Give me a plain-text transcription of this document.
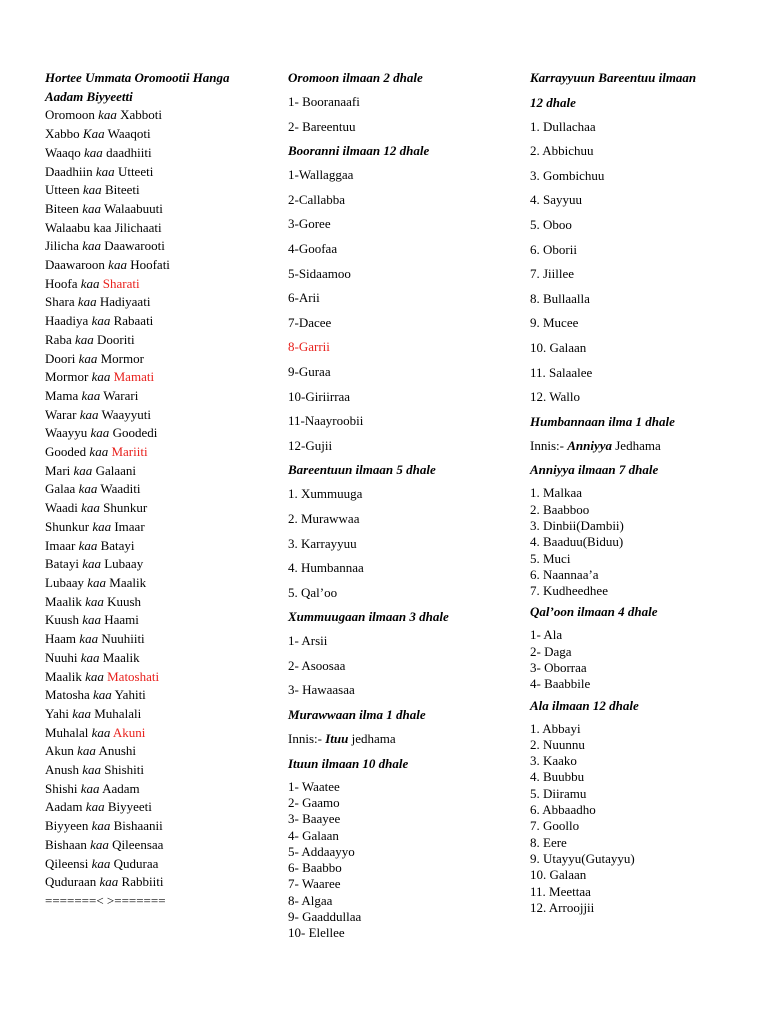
Hortee Ummata Oromootii Hanga
Aadam Biyyeetti
Oromoon kaa Xabboti
Xabbo Kaa Waaqoti
Waaqo kaa daadhiiti
Daadhiin kaa Utteeti
Utteen kaa Biteeti
Biteen kaa Walaabuuti
Walaabu kaa Jilichaati
Jilicha kaa Daawarooti
Daawaroon kaa Hoofati
Hoofa kaa Sharati
Shara kaa Hadiyaati
Haadiya kaa Rabaati
Raba kaa Dooriti
Doori kaa Mormor
Mormor kaa Mamati
Mama kaa Warari
Warar kaa Waayyuti
Waayyu kaa Goodedi
Gooded kaa Mariiti
Mari kaa Galaani
Galaa kaa Waaditi
Waadi kaa Shunkur
Shunkur kaa Imaar
Imaar kaa Batayi
Batayi kaa Lubaay
Lubaay kaa Maalik
Maalik kaa Kuush
Kuush kaa Haami
Haam kaa Nuuhiiti
Nuuhi kaa Maalik
Maalik kaa Matoshati
Matosha kaa Yahiti
Yahi kaa Muhalali
Muhalal kaa Akuni
Akun kaa Anushi
Anush kaa Shishiti
Shishi kaa Aadam
Aadam kaa Biyyeeti
Biyyeen kaa Bishaanii
Bishaan kaa Qileensaa
Qileensi kaa Quduraa
Quduraan kaa Rabbiiti
=======< >=======
Oromoon ilmaan 2 dhale
1- Booranaafi
2- Bareentuu
Booranni ilmaan 12 dhale
1-Wallaggaa
2-Callabba
3-Goree
4-Goofaa
5-Sidaamoo
6-Arii
7-Dacee
8-Garrii
9-Guraa
10-Giriirraa
11-Naayroobii
12-Gujii
Bareentuun ilmaan 5 dhale
1. Xummuuga
2. Murawwaa
3. Karrayyuu
4. Humbannaa
5. Qal’oo
Xummuugaan ilmaan 3 dhale
1- Arsii
2- Asoosaa
3- Hawaasaa
Murawwaan ilma 1 dhale
Innis:- Ituu jedhama
Ituun ilmaan 10 dhale
1- Waatee
2- Gaamo
3- Baayee
4- Galaan
5- Addaayyo
6- Baabbo
7- Waaree
8- Algaa
9- Gaaddullaa
10- Elellee
Karrayyuun Bareentuu ilmaan
12 dhale
1. Dullachaa
2. Abbichuu
3. Gombichuu
4. Sayyuu
5. Oboo
6. Oborii
7. Jiillee
8. Bullaalla
9. Mucee
10. Galaan
11. Salaalee
12. Wallo
Humbannaan ilma 1 dhale
Innis:- Anniyya Jedhama
Anniyya ilmaan 7 dhale
1. Malkaa
2. Baabboo
3. Dinbii(Dambii)
4. Baaduu(Biduu)
5. Muci
6. Naannaa’a
7. Kudheedhee
Qal’oon ilmaan 4 dhale
1- Ala
2- Daga
3- Oborraa
4- Baabbile
Ala ilmaan 12 dhale
1. Abbayi
2. Nuunnu
3. Kaako
4. Buubbu
5. Diiramu
6. Abbaadho
7. Goollo
8. Eere
9. Utayyu(Gutayyu)
10. Galaan
11. Meettaa
12. Arroojjii
